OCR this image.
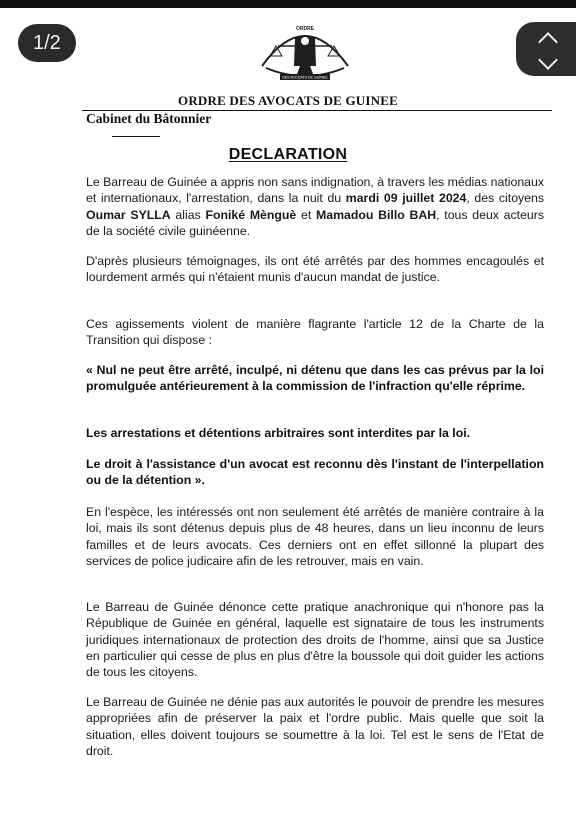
ORDRE
DES AVOCATS DE GUINEE
1/2
ORDRE DES AVOCATS DE GUINEE
Cabinet du Bâtonnier
DECLARATION
Le Barreau de Guinée a appris non sans indignation, à travers les médias nationaux et internationaux, l'arrestation, dans la nuit du mardi 09 juillet 2024, des citoyens Oumar SYLLA alias Foniké Mènguè et Mamadou Billo BAH, tous deux acteurs de la société civile guinéenne.
D'après plusieurs témoignages, ils ont été arrêtés par des hommes encagoulés et lourdement armés qui n'étaient munis d'aucun mandat de justice.
Ces agissements violent de manière flagrante l'article 12 de la Charte de la Transition qui dispose :
« Nul ne peut être arrêté, inculpé, ni détenu que dans les cas prévus par la loi promulguée antérieurement à la commission de l'infraction qu'elle réprime.
Les arrestations et détentions arbitraires sont interdites par la loi.
Le droit à l'assistance d'un avocat est reconnu dès l'instant de l'interpellation ou de la détention ».
En l'espèce, les intéressés ont non seulement été arrêtés de manière contraire à la loi, mais ils sont détenus depuis plus de 48 heures, dans un lieu inconnu de leurs familles et de leurs avocats. Ces derniers ont en effet sillonné la plupart des services de police judicaire afin de les retrouver, mais en vain.
Le Barreau de Guinée dénonce cette pratique anachronique qui n'honore pas la République de Guinée en général, laquelle est signataire de tous les instruments juridiques internationaux de protection des droits de l'homme, ainsi que sa Justice en particulier qui cesse de plus en plus d'être la boussole qui doit guider les actions de tous les citoyens.
Le Barreau de Guinée ne dénie pas aux autorités le pouvoir de prendre les mesures appropriées afin de préserver la paix et l'ordre public. Mais quelle que soit la situation, elles doivent toujours se soumettre à la loi. Tel est le sens de l'Etat de droit.
